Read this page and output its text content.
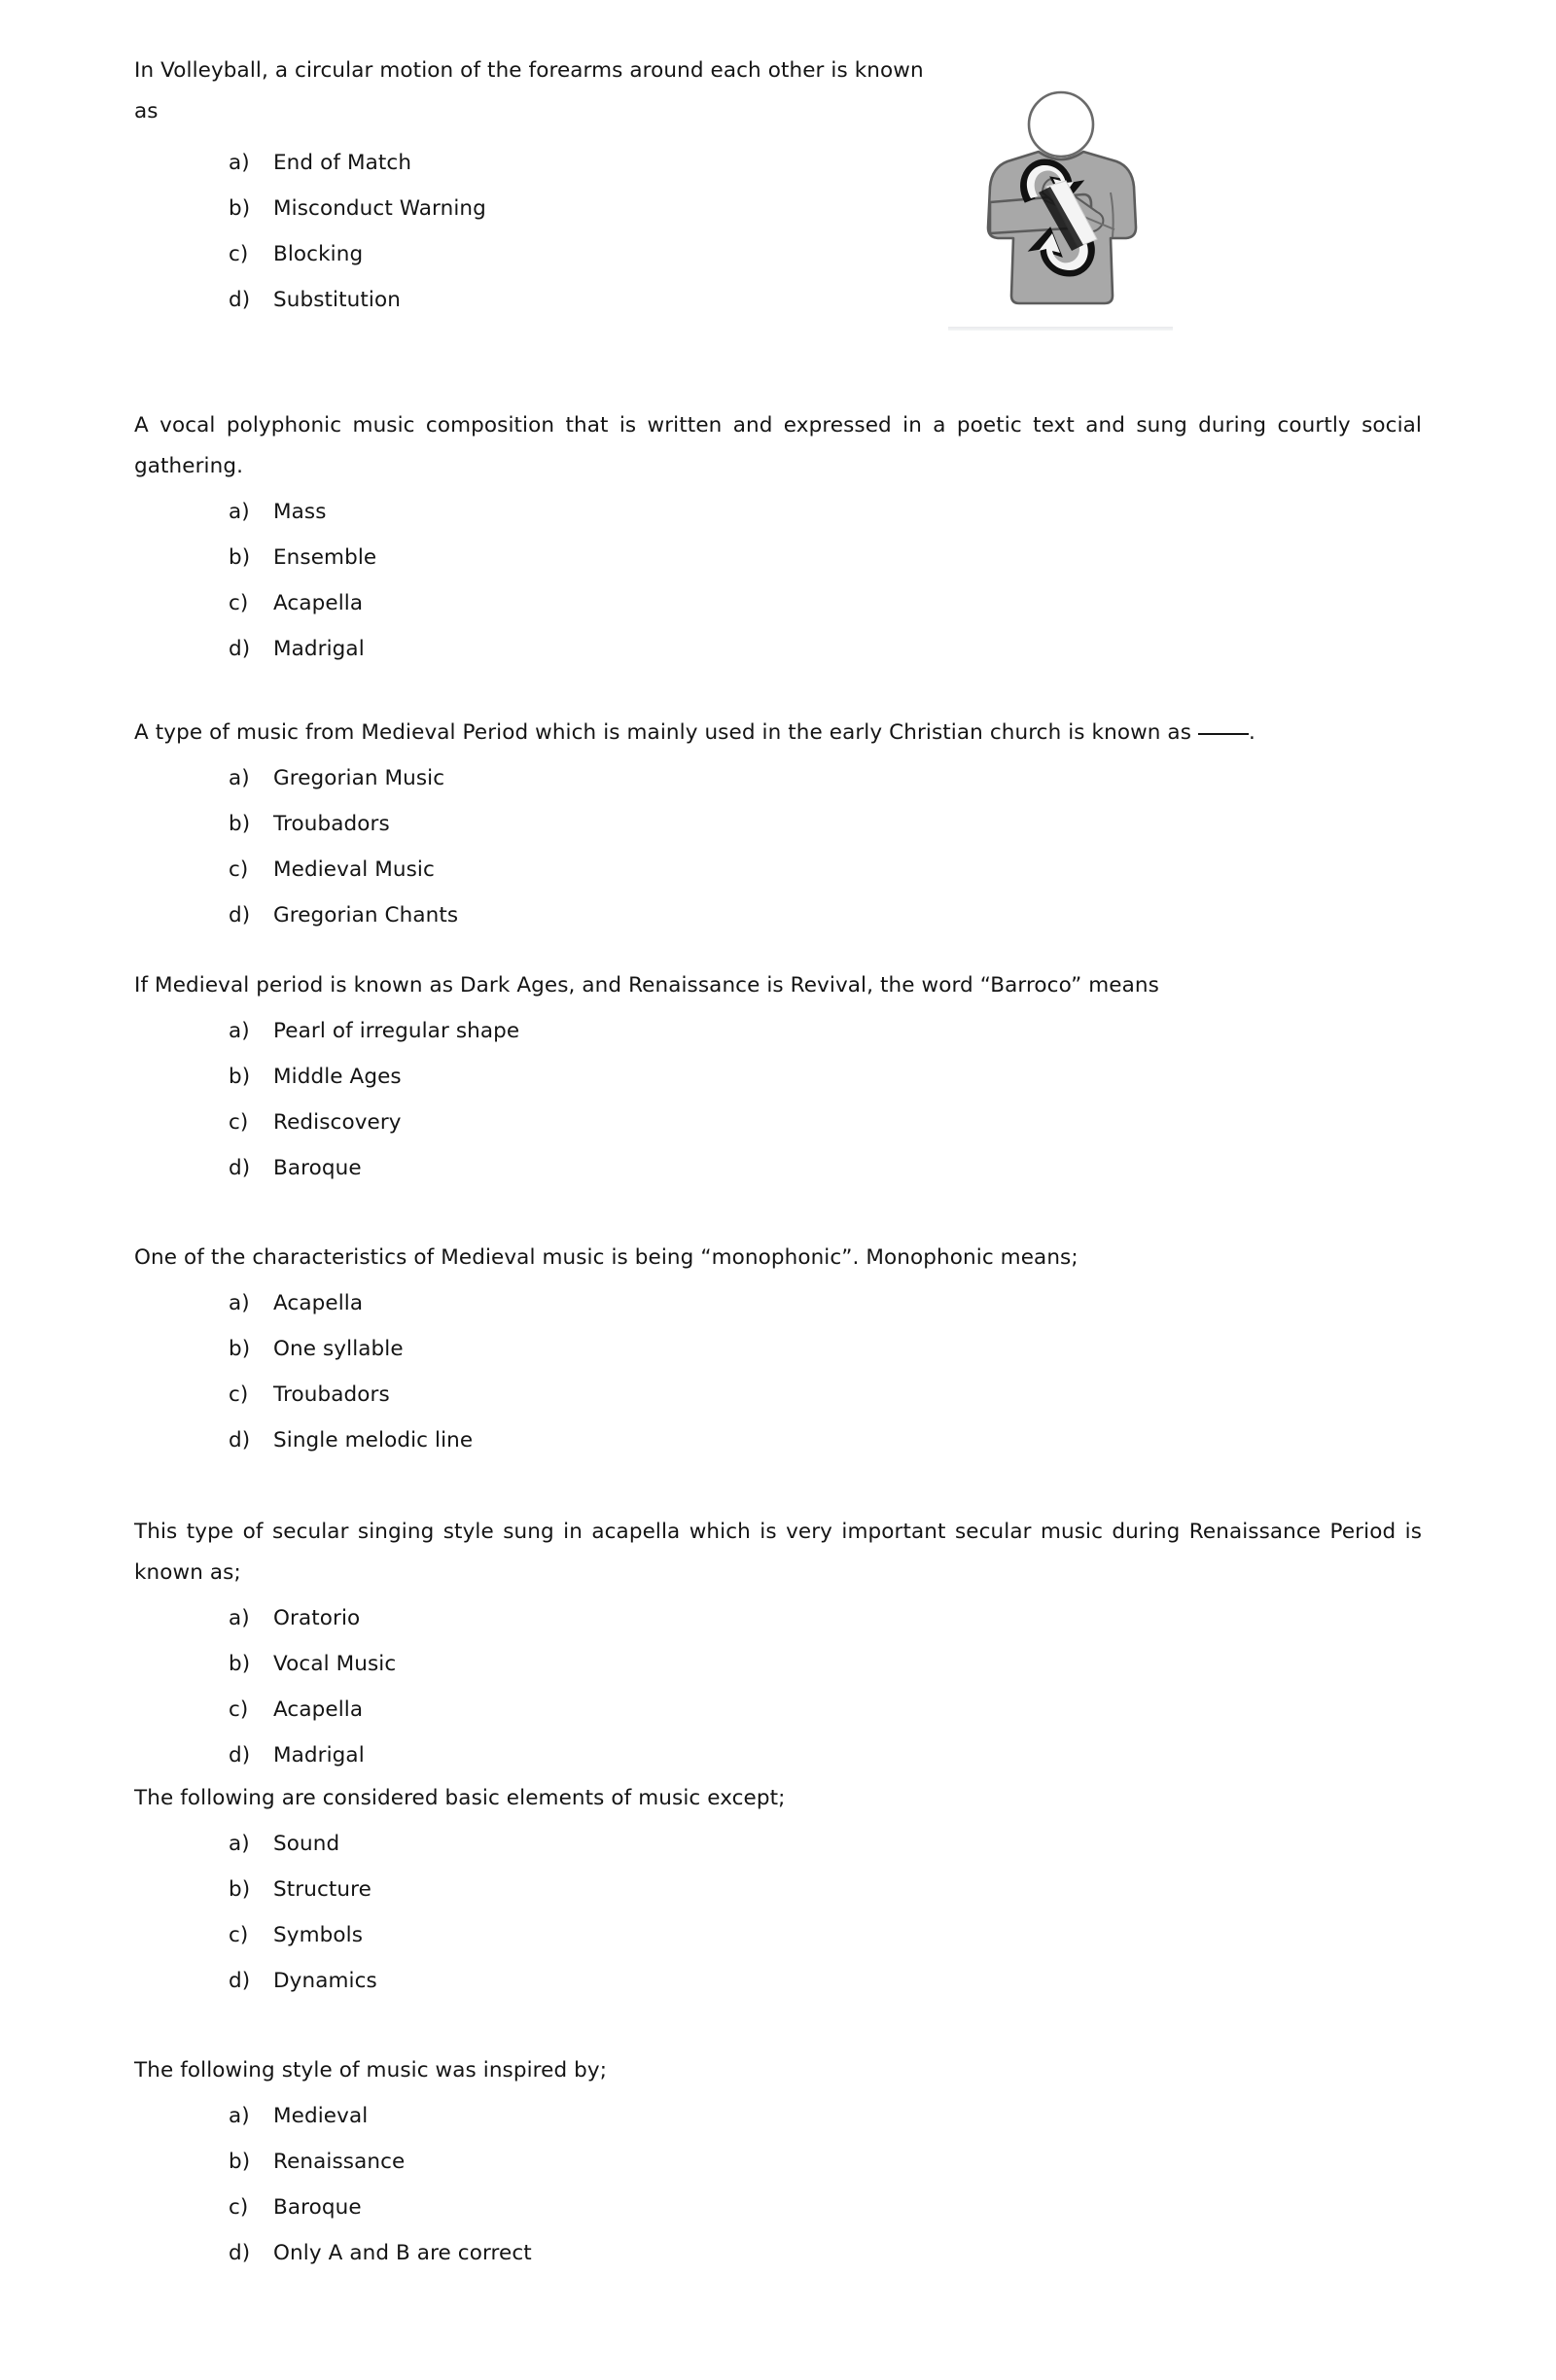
In Volleyball, a circular motion of the forearms around each other is known as

a)	End of Match
b)	Misconduct Warning
c)	Blocking
d)	Substitution

A vocal polyphonic music composition that is written and expressed in a poetic text and sung during courtly social gathering.

a)	Mass
b)	Ensemble
c)	Acapella
d)	Madrigal

A type of music from Medieval Period which is mainly used in the early Christian church is known as .

a)	Gregorian Music
b)	Troubadors
c)	Medieval Music
d)	Gregorian Chants

If Medieval period is known as Dark Ages, and Renaissance is Revival, the word “Barroco” means

a)	Pearl of irregular shape
b)	Middle Ages
c)	Rediscovery
d)	Baroque

One of the characteristics of Medieval music is being “monophonic”. Monophonic means;

a)	Acapella
b)	One syllable
c)	Troubadors
d)	Single melodic line

This type of secular singing style sung in acapella which is very important secular music during Renaissance Period is known as;

a)	Oratorio
b)	Vocal Music
c)	Acapella
d)	Madrigal

The following are considered basic elements of music except;

a)	Sound
b)	Structure
c)	Symbols
d)	Dynamics

The following style of music was inspired by;

a)	Medieval
b)	Renaissance
c)	Baroque
d)	Only A and B are correct
